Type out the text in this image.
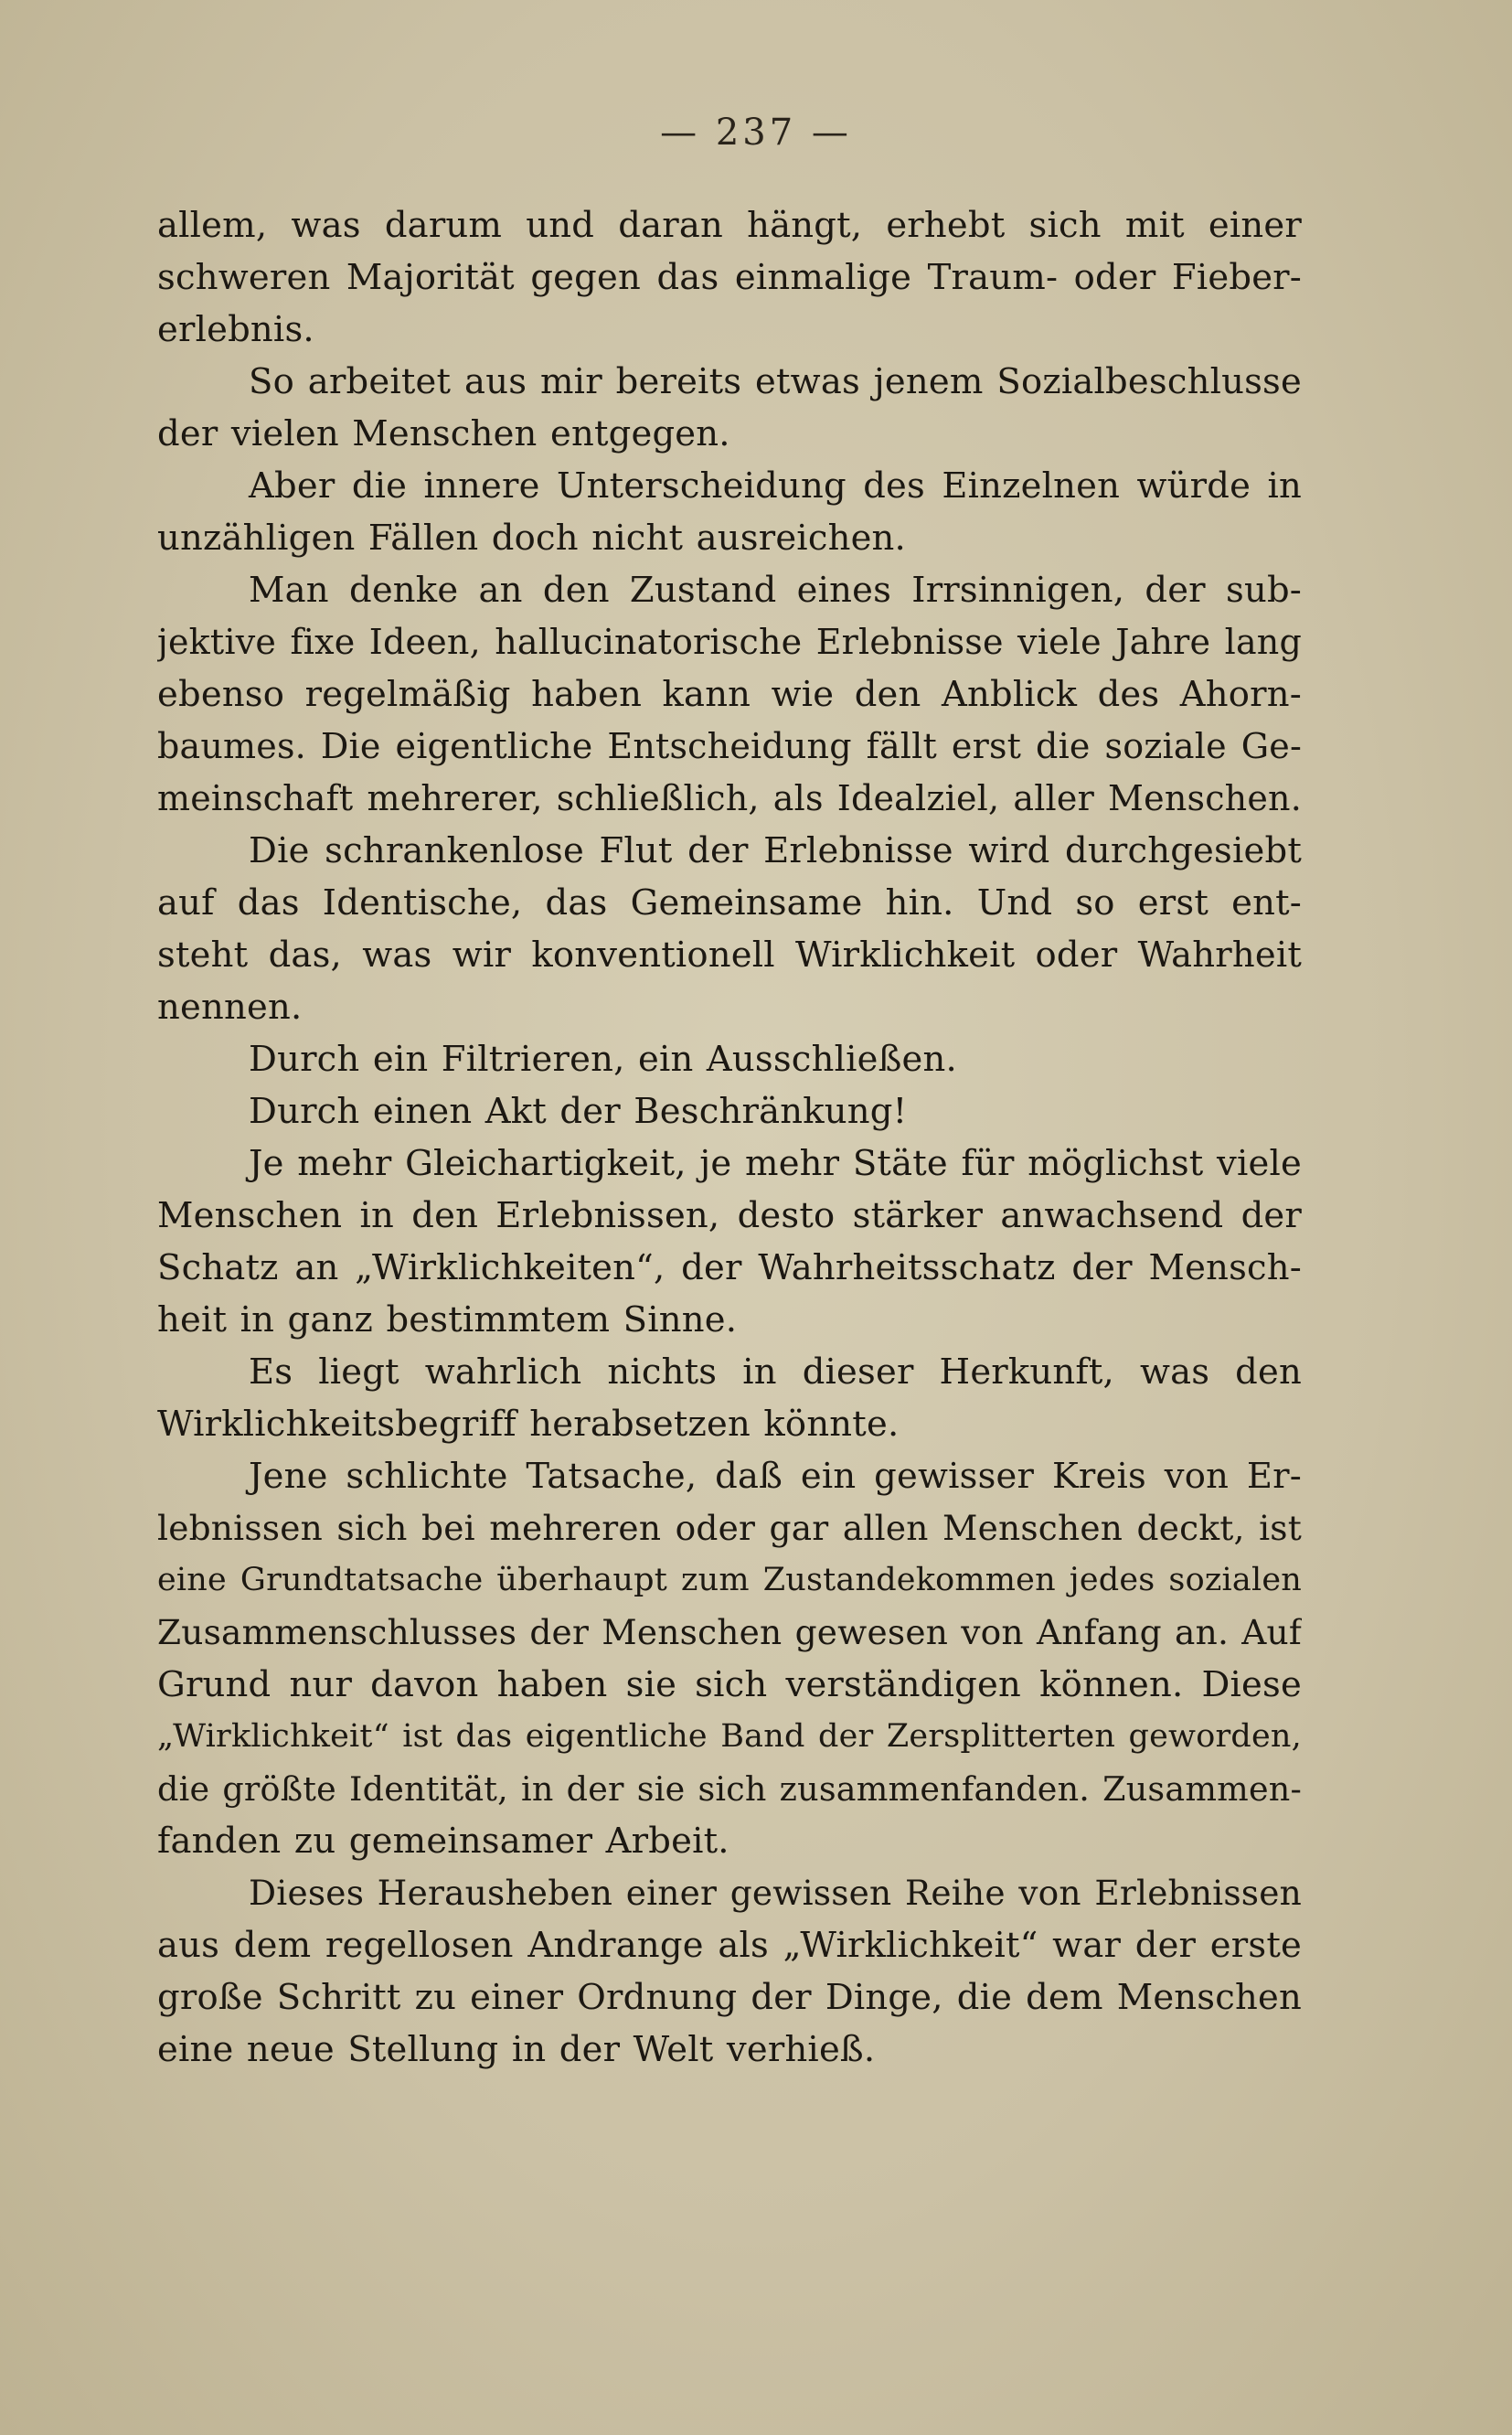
— 237 —
allem, was darum und daran hängt, erhebt sich mit einer
schweren Majorität gegen das einmalige Traum- oder Fieber-
erlebnis.
So arbeitet aus mir bereits etwas jenem Sozialbeschlusse
der vielen Menschen entgegen.
Aber die innere Unterscheidung des Einzelnen würde in
unzähligen Fällen doch nicht ausreichen.
Man denke an den Zustand eines Irrsinnigen, der sub-
jektive fixe Ideen, hallucinatorische Erlebnisse viele Jahre lang
ebenso regelmäßig haben kann wie den Anblick des Ahorn-
baumes. Die eigentliche Entscheidung fällt erst die soziale Ge-
meinschaft mehrerer, schließlich, als Idealziel, aller Menschen.
Die schrankenlose Flut der Erlebnisse wird durchgesiebt
auf das Identische, das Gemeinsame hin. Und so erst ent-
steht das, was wir konventionell Wirklichkeit oder Wahrheit
nennen.
Durch ein Filtrieren, ein Ausschließen.
Durch einen Akt der Beschränkung!
Je mehr Gleichartigkeit, je mehr Stäte für möglichst viele
Menschen in den Erlebnissen, desto stärker anwachsend der
Schatz an „Wirklichkeiten“, der Wahrheitsschatz der Mensch-
heit in ganz bestimmtem Sinne.
Es liegt wahrlich nichts in dieser Herkunft, was den
Wirklichkeitsbegriff herabsetzen könnte.
Jene schlichte Tatsache, daß ein gewisser Kreis von Er-
lebnissen sich bei mehreren oder gar allen Menschen deckt, ist
eine Grundtatsache überhaupt zum Zustandekommen jedes sozialen
Zusammenschlusses der Menschen gewesen von Anfang an. Auf
Grund nur davon haben sie sich verständigen können. Diese
„Wirklichkeit“ ist das eigentliche Band der Zersplitterten geworden,
die größte Identität, in der sie sich zusammenfanden. Zusammen-
fanden zu gemeinsamer Arbeit.
Dieses Herausheben einer gewissen Reihe von Erlebnissen
aus dem regellosen Andrange als „Wirklichkeit“ war der erste
große Schritt zu einer Ordnung der Dinge, die dem Menschen
eine neue Stellung in der Welt verhieß.
